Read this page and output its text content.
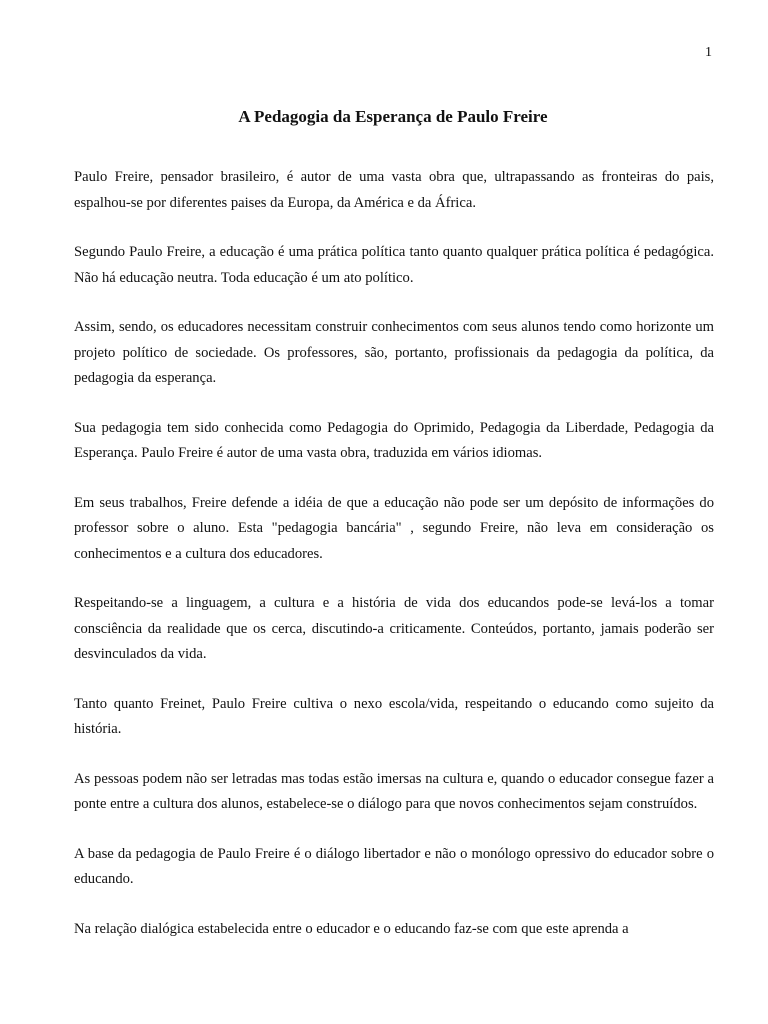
1
A Pedagogia da Esperança de Paulo Freire

Paulo Freire, pensador brasileiro, é autor de uma vasta obra que, ultrapassando as fronteiras do pais, espalhou-se por diferentes paises da Europa, da América e da África.

Segundo Paulo Freire, a educação é uma prática política tanto quanto qualquer prática política é pedagógica. Não há educação neutra. Toda educação é um ato político.

Assim, sendo, os educadores necessitam construir conhecimentos com seus alunos tendo como horizonte um projeto político de sociedade. Os professores, são, portanto, profissionais da pedagogia da política, da pedagogia da esperança.

Sua pedagogia tem sido conhecida como Pedagogia do Oprimido, Pedagogia da Liberdade, Pedagogia da Esperança. Paulo Freire é autor de uma vasta obra, traduzida em vários idiomas.

Em seus trabalhos, Freire defende a idéia de que a educação não pode ser um depósito de informações do professor sobre o aluno. Esta "pedagogia bancária" , segundo Freire, não leva em consideração os conhecimentos e a cultura dos educadores.

Respeitando-se a linguagem, a cultura e a história de vida dos educandos pode-se levá-los a tomar consciência da realidade que os cerca, discutindo-a criticamente. Conteúdos, portanto, jamais poderão ser desvinculados da vida.

Tanto quanto Freinet, Paulo Freire cultiva o nexo escola/vida, respeitando o educando como sujeito da história.

As pessoas podem não ser letradas mas todas estão imersas na cultura e, quando o educador consegue fazer a ponte entre a cultura dos alunos, estabelece-se o diálogo para que novos conhecimentos sejam construídos.

A base da pedagogia de Paulo Freire é o diálogo libertador e não o monólogo opressivo do educador sobre o educando.

Na relação dialógica estabelecida entre o educador e o educando faz-se com que este aprenda a
